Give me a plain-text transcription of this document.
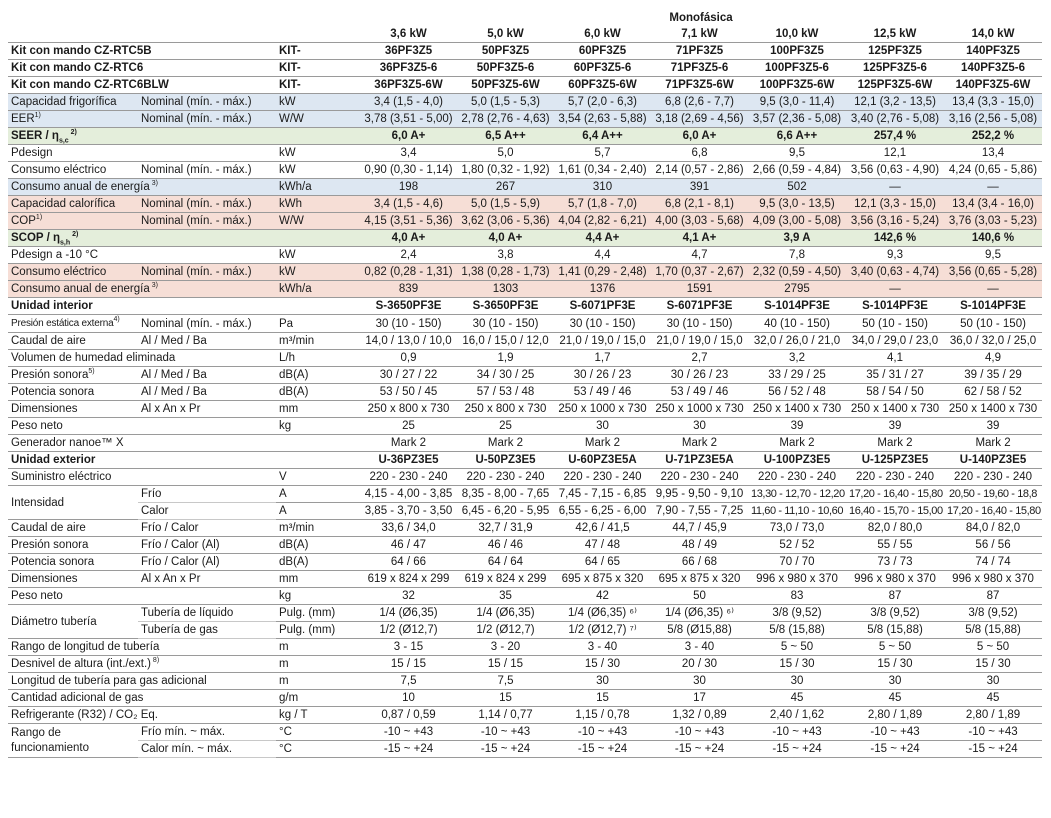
			Monofásica						
			3,6 kW	5,0 kW	6,0 kW	7,1 kW	10,0 kW	12,5 kW	14,0 kW
Kit con mando CZ-RTC5B		KIT-	36PF3Z5	50PF3Z5	60PF3Z5	71PF3Z5	100PF3Z5	125PF3Z5	140PF3Z5
Kit con mando CZ-RTC6		KIT-	36PF3Z5-6	50PF3Z5-6	60PF3Z5-6	71PF3Z5-6	100PF3Z5-6	125PF3Z5-6	140PF3Z5-6
Kit con mando CZ-RTC6BLW		KIT-	36PF3Z5-6W	50PF3Z5-6W	60PF3Z5-6W	71PF3Z5-6W	100PF3Z5-6W	125PF3Z5-6W	140PF3Z5-6W
Capacidad frigorífica	Nominal (mín. - máx.)	kW	3,4 (1,5 - 4,0)	5,0 (1,5 - 5,3)	5,7 (2,0 - 6,3)	6,8 (2,6 - 7,7)	9,5 (3,0 - 11,4)	12,1 (3,2 - 13,5)	13,4 (3,3 - 15,0)
EER$^{1)}$	Nominal (mín. - máx.)	W/W	3,78 (3,51 - 5,00)	2,78 (2,76 - 4,63)	3,54 (2,63 - 5,88)	3,18 (2,69 - 4,56)	3,57 (2,36 - 5,08)	3,40 (2,76 - 5,08)	3,16 (2,56 - 5,08)
SEER / $\eta_{s,c}$ $^{2)}$			6,0 A+	6,5 A++	6,4 A++	6,0 A+	6,6 A++	257,4 %	252,2 %
Pdesign		kW	3,4	5,0	5,7	6,8	9,5	12,1	13,4
Consumo eléctrico	Nominal (mín. - máx.)	kW	0,90 (0,30 - 1,14)	1,80 (0,32 - 1,92)	1,61 (0,34 - 2,40)	2,14 (0,57 - 2,86)	2,66 (0,59 - 4,84)	3,56 (0,63 - 4,90)	4,24 (0,65 - 5,86)
Consumo anual de energía $^{3)}$		kWh/a	198	267	310	391	502	—	—
Capacidad calorífica	Nominal (mín. - máx.)	kWh	3,4 (1,5 - 4,6)	5,0 (1,5 - 5,9)	5,7 (1,8 - 7,0)	6,8 (2,1 - 8,1)	9,5 (3,0 - 13,5)	12,1 (3,3 - 15,0)	13,4 (3,4 - 16,0)
COP$^{1)}$	Nominal (mín. - máx.)	W/W	4,15 (3,51 - 5,36)	3,62 (3,06 - 5,36)	4,04 (2,82 - 6,21)	4,00 (3,03 - 5,68)	4,09 (3,00 - 5,08)	3,56 (3,16 - 5,24)	3,76 (3,03 - 5,23)
SCOP / $\eta_{s,h}$ $^{2)}$			4,0 A+	4,0 A+	4,4 A+	4,1 A+	3,9 A	142,6 %	140,6 %
Pdesign a -10 °C		kW	2,4	3,8	4,4	4,7	7,8	9,3	9,5
Consumo eléctrico	Nominal (mín. - máx.)	kW	0,82 (0,28 - 1,31)	1,38 (0,28 - 1,73)	1,41 (0,29 - 2,48)	1,70 (0,37 - 2,67)	2,32 (0,59 - 4,50)	3,40 (0,63 - 4,74)	3,56 (0,65 - 5,28)
Consumo anual de energía $^{3)}$		kWh/a	839	1303	1376	1591	2795	—	—
Unidad interior			S-3650PF3E	S-3650PF3E	S-6071PF3E	S-6071PF3E	S-1014PF3E	S-1014PF3E	S-1014PF3E
Presión estática externa$^{4)}$	Nominal (mín. - máx.)	Pa	30 (10 - 150)	30 (10 - 150)	30 (10 - 150)	30 (10 - 150)	40 (10 - 150)	50 (10 - 150)	50 (10 - 150)
Caudal de aire	Al / Med / Ba	m³/min	14,0 / 13,0 / 10,0	16,0 / 15,0 / 12,0	21,0 / 19,0 / 15,0	21,0 / 19,0 / 15,0	32,0 / 26,0 / 21,0	34,0 / 29,0 / 23,0	36,0 / 32,0 / 25,0
Volumen de humedad eliminada		L/h	0,9	1,9	1,7	2,7	3,2	4,1	4,9
Presión sonora$^{5)}$	Al / Med / Ba	dB(A)	30 / 27 / 22	34 / 30 / 25	30 / 26 / 23	30 / 26 / 23	33 / 29 / 25	35 / 31 / 27	39 / 35 / 29
Potencia sonora	Al / Med / Ba	dB(A)	53 / 50 / 45	57 / 53 / 48	53 / 49 / 46	53 / 49 / 46	56 / 52 / 48	58 / 54 / 50	62 / 58 / 52
Dimensiones	Al x An x Pr	mm	250 x 800 x 730	250 x 800 x 730	250 x 1000 x 730	250 x 1000 x 730	250 x 1400 x 730	250 x 1400 x 730	250 x 1400 x 730
Peso neto		kg	25	25	30	30	39	39	39
Generador nanoe™ X			Mark 2	Mark 2	Mark 2	Mark 2	Mark 2	Mark 2	Mark 2
Unidad exterior			U-36PZ3E5	U-50PZ3E5	U-60PZ3E5A	U-71PZ3E5A	U-100PZ3E5	U-125PZ3E5	U-140PZ3E5
Suministro eléctrico		V	220 - 230 - 240	220 - 230 - 240	220 - 230 - 240	220 - 230 - 240	220 - 230 - 240	220 - 230 - 240	220 - 230 - 240
Intensidad	Frío	A	4,15 - 4,00 - 3,85	8,35 - 8,00 - 7,65	7,45 - 7,15 - 6,85	9,95 - 9,50 - 9,10	13,30 - 12,70 - 12,20	17,20 - 16,40 - 15,80	20,50 - 19,60 - 18,8
	Calor	A	3,85 - 3,70 - 3,50	6,45 - 6,20 - 5,95	6,55 - 6,25 - 6,00	7,90 - 7,55 - 7,25	11,60 - 11,10 - 10,60	16,40 - 15,70 - 15,00	17,20 - 16,40 - 15,80
Caudal de aire	Frío / Calor	m³/min	33,6 / 34,0	32,7 / 31,9	42,6 / 41,5	44,7 / 45,9	73,0 / 73,0	82,0 / 80,0	84,0 / 82,0
Presión sonora	Frío / Calor (Al)	dB(A)	46 / 47	46 / 46	47 / 48	48 / 49	52 / 52	55 / 55	56 / 56
Potencia sonora	Frío / Calor (Al)	dB(A)	64 / 66	64 / 64	64 / 65	66 / 68	70 / 70	73 / 73	74 / 74
Dimensiones	Al x An x Pr	mm	619 x 824 x 299	619 x 824 x 299	695 x 875 x 320	695 x 875 x 320	996 x 980 x 370	996 x 980 x 370	996 x 980 x 370
Peso neto		kg	32	35	42	50	83	87	87
Diámetro tubería	Tubería de líquido	Pulg. (mm)	1/4 (Ø6,35)	1/4 (Ø6,35)	1/4 (Ø6,35) ⁶⁾	1/4 (Ø6,35) ⁶⁾	3/8 (9,52)	3/8 (9,52)	3/8 (9,52)
	Tubería de gas	Pulg. (mm)	1/2 (Ø12,7)	1/2 (Ø12,7)	1/2 (Ø12,7) ⁷⁾	5/8 (Ø15,88)	5/8 (15,88)	5/8 (15,88)	5/8 (15,88)
Rango de longitud de tubería		m	3 - 15	3 - 20	3 - 40	3 - 40	5 ~ 50	5 ~ 50	5 ~ 50
Desnivel de altura (int./ext.) $^{8)}$		m	15 / 15	15 / 15	15 / 30	20 / 30	15 / 30	15 / 30	15 / 30
Longitud de tubería para gas adicional		m	7,5	7,5	30	30	30	30	30
Cantidad adicional de gas		g/m	10	15	15	17	45	45	45
Refrigerante (R32) / CO₂ Eq.		kg / T	0,87 / 0,59	1,14 / 0,77	1,15 / 0,78	1,32 / 0,89	2,40 / 1,62	2,80 / 1,89	2,80 / 1,89
Rango de funcionamiento	Frío mín. ~ máx.	°C	-10 ~ +43	-10 ~ +43	-10 ~ +43	-10 ~ +43	-10 ~ +43	-10 ~ +43	-10 ~ +43
	Calor mín. ~ máx.	°C	-15 ~ +24	-15 ~ +24	-15 ~ +24	-15 ~ +24	-15 ~ +24	-15 ~ +24	-15 ~ +24
